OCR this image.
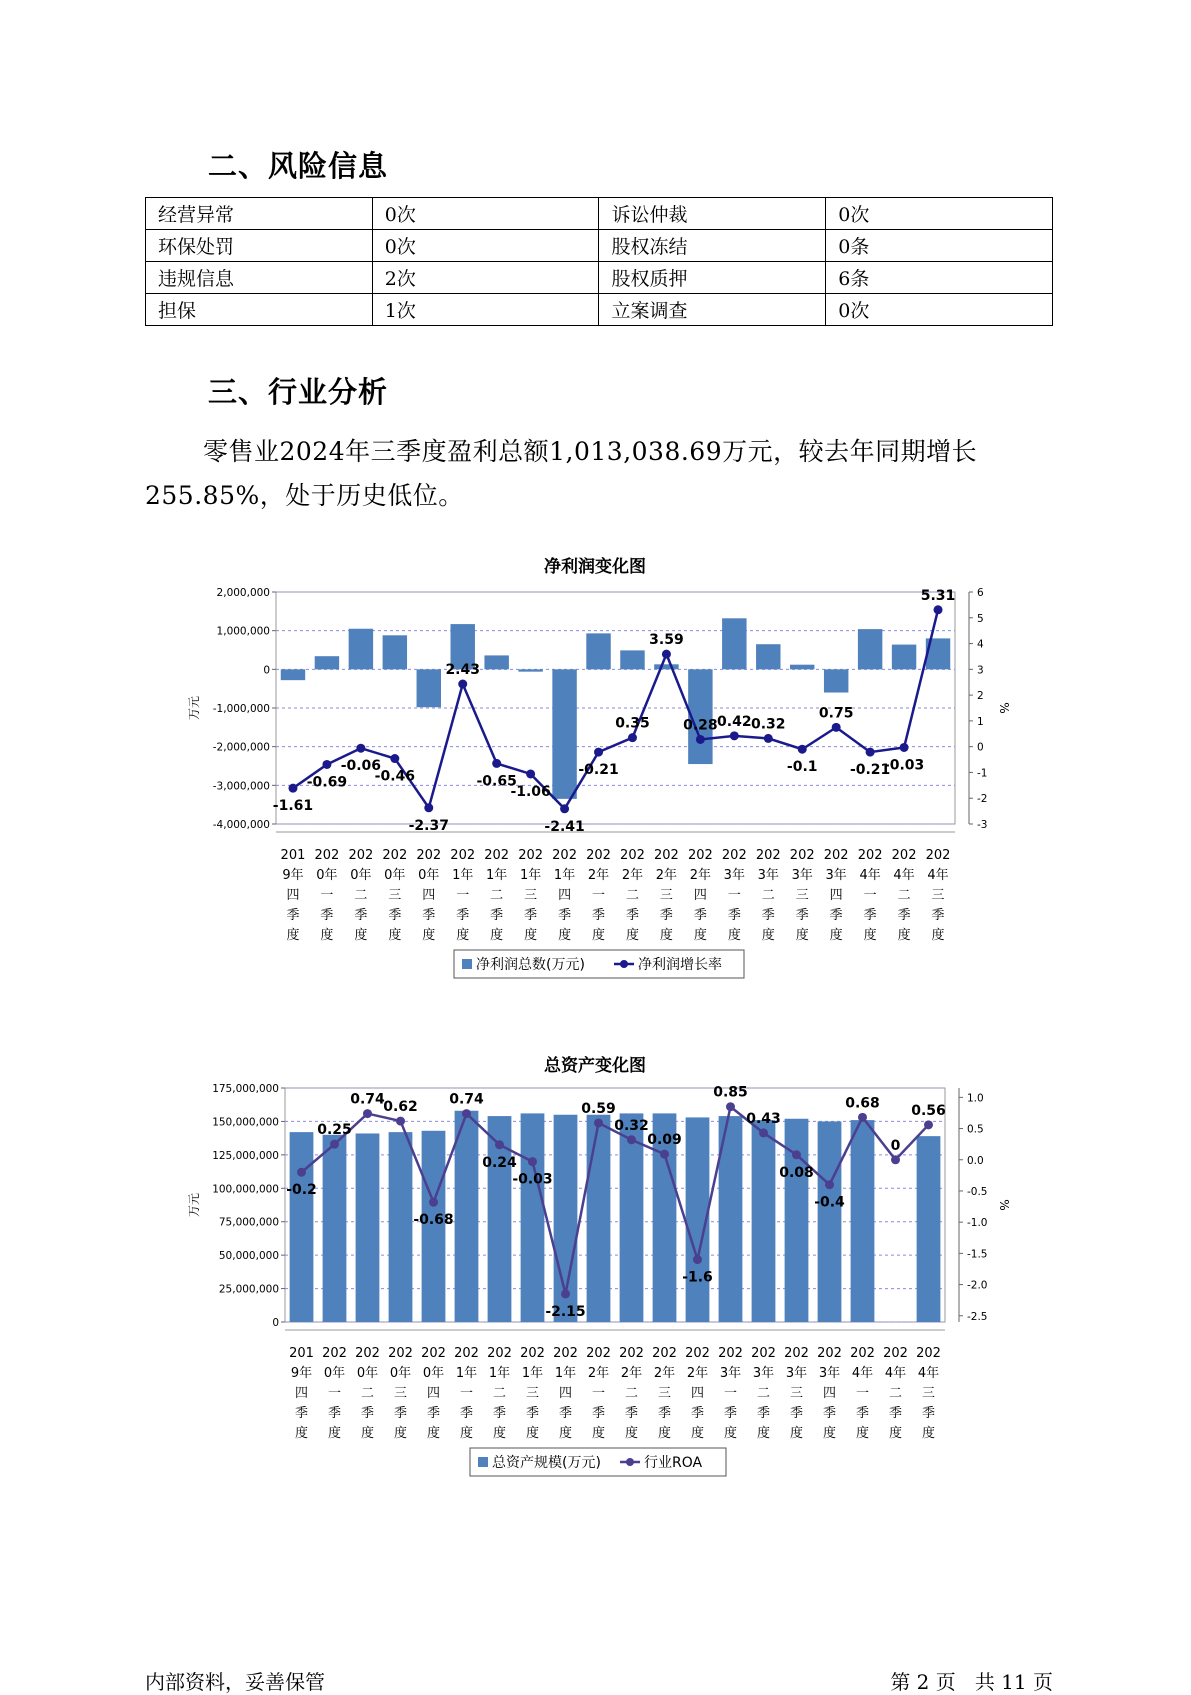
二、风险信息
经营异常	0次	诉讼仲裁	0次
环保处罚	0次	股权冻结	0条
违规信息	2次	股权质押	6条
担保	1次	立案调查	0次
三、行业分析
零售业2024年三季度盈利总额1,013,038.69万元，较去年同期增长255.85%，处于历史低位。
净利润变化图
2,000,000
1,000,000
0
-1,000,000
-2,000,000
-3,000,000
-4,000,000
6
5
4
3
2
1
0
-1
-2
-3
万元	%
-1.61
-0.69
-0.06
-0.46
-2.37
2.43
-0.65
-1.06
-2.41
-0.21
0.35
3.59
0.28 0.42 0.32
-0.1
0.75
-0.21
-0.03
5.31
201
9年
四
季
度
202
0年
一
季
度
202
0年
二
季
度
202
0年
三
季
度
202
0年
四
季
度
202
1年
一
季
度
202
1年
二
季
度
202
1年
三
季
度
202
1年
四
季
度
202
2年
一
季
度
202
2年
二
季
度
202
2年
三
季
度
202
2年
四
季
度
202
3年
一
季
度
202
3年
二
季
度
202
3年
三
季
度
202
3年
四
季
度
202
4年
一
季
度
202
4年
二
季
度
202
4年
三
季
度
净利润总数(万元)	净利润增长率
总资产变化图
175,000,000
150,000,000
125,000,000
100,000,000
75,000,000
50,000,000
25,000,000
0
1.0
0.5
0.0
-0.5
-1.0
-1.5
-2.0
-2.5
万元	%
-0.2
0.25
0.74
0.62
-0.68
0.74
0.24
-0.03
-2.15
0.59
0.32
0.09
-1.6
0.85
0.43
0.08
-0.4
0.68
0
0.56
201
9年
四
季
度
202
0年
一
季
度
202
0年
二
季
度
202
0年
三
季
度
202
0年
四
季
度
202
1年
一
季
度
202
1年
二
季
度
202
1年
三
季
度
202
1年
四
季
度
202
2年
一
季
度
202
2年
二
季
度
202
2年
三
季
度
202
2年
四
季
度
202
3年
一
季
度
202
3年
二
季
度
202
3年
三
季
度
202
3年
四
季
度
202
4年
一
季
度
202
4年
二
季
度
202
4年
三
季
度
总资产规模(万元)	行业ROA
内部资料，妥善保管	第 2 页   共 11 页
